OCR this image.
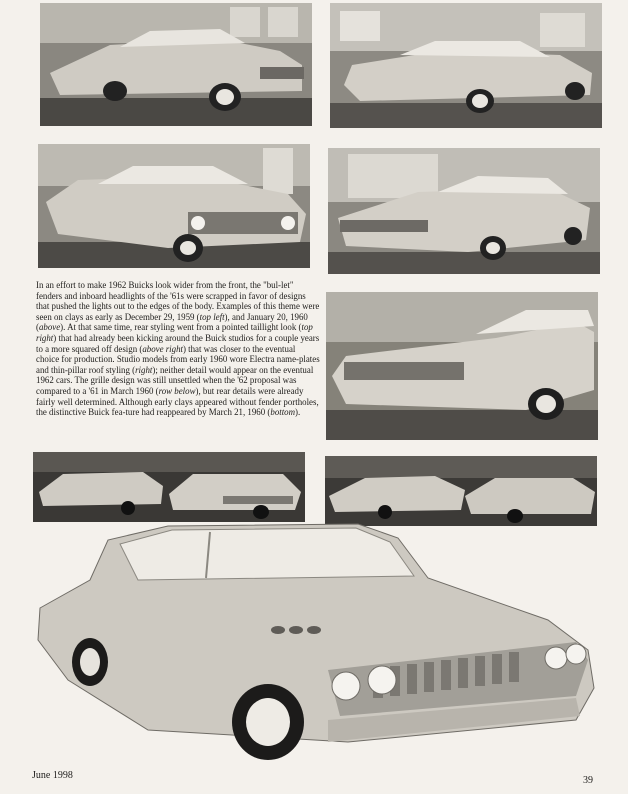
In an effort to make 1962 Buicks look wider from the front, the "bul-let" fenders and inboard headlights of the '61s were scrapped in favor of designs that pushed the lights out to the edges of the body. Examples of this theme were seen on clays as early as December 29, 1959 (top left), and January 20, 1960 (above). At that same time, rear styling went from a pointed taillight look (top right) that had already been kicking around the Buick studios for a couple years to a more squared off design (above right) that was closer to the eventual choice for production. Studio models from early 1960 wore Electra name-plates and thin-pillar roof styling (right); neither detail would appear on the eventual 1962 cars. The grille design was still unsettled when the '62 proposal was compared to a '61 in March 1960 (row below), but rear details were already fairly well determined. Although early clays appeared without fender portholes, the distinctive Buick fea-ture had reappeared by March 21, 1960 (bottom).
June 1998	39
